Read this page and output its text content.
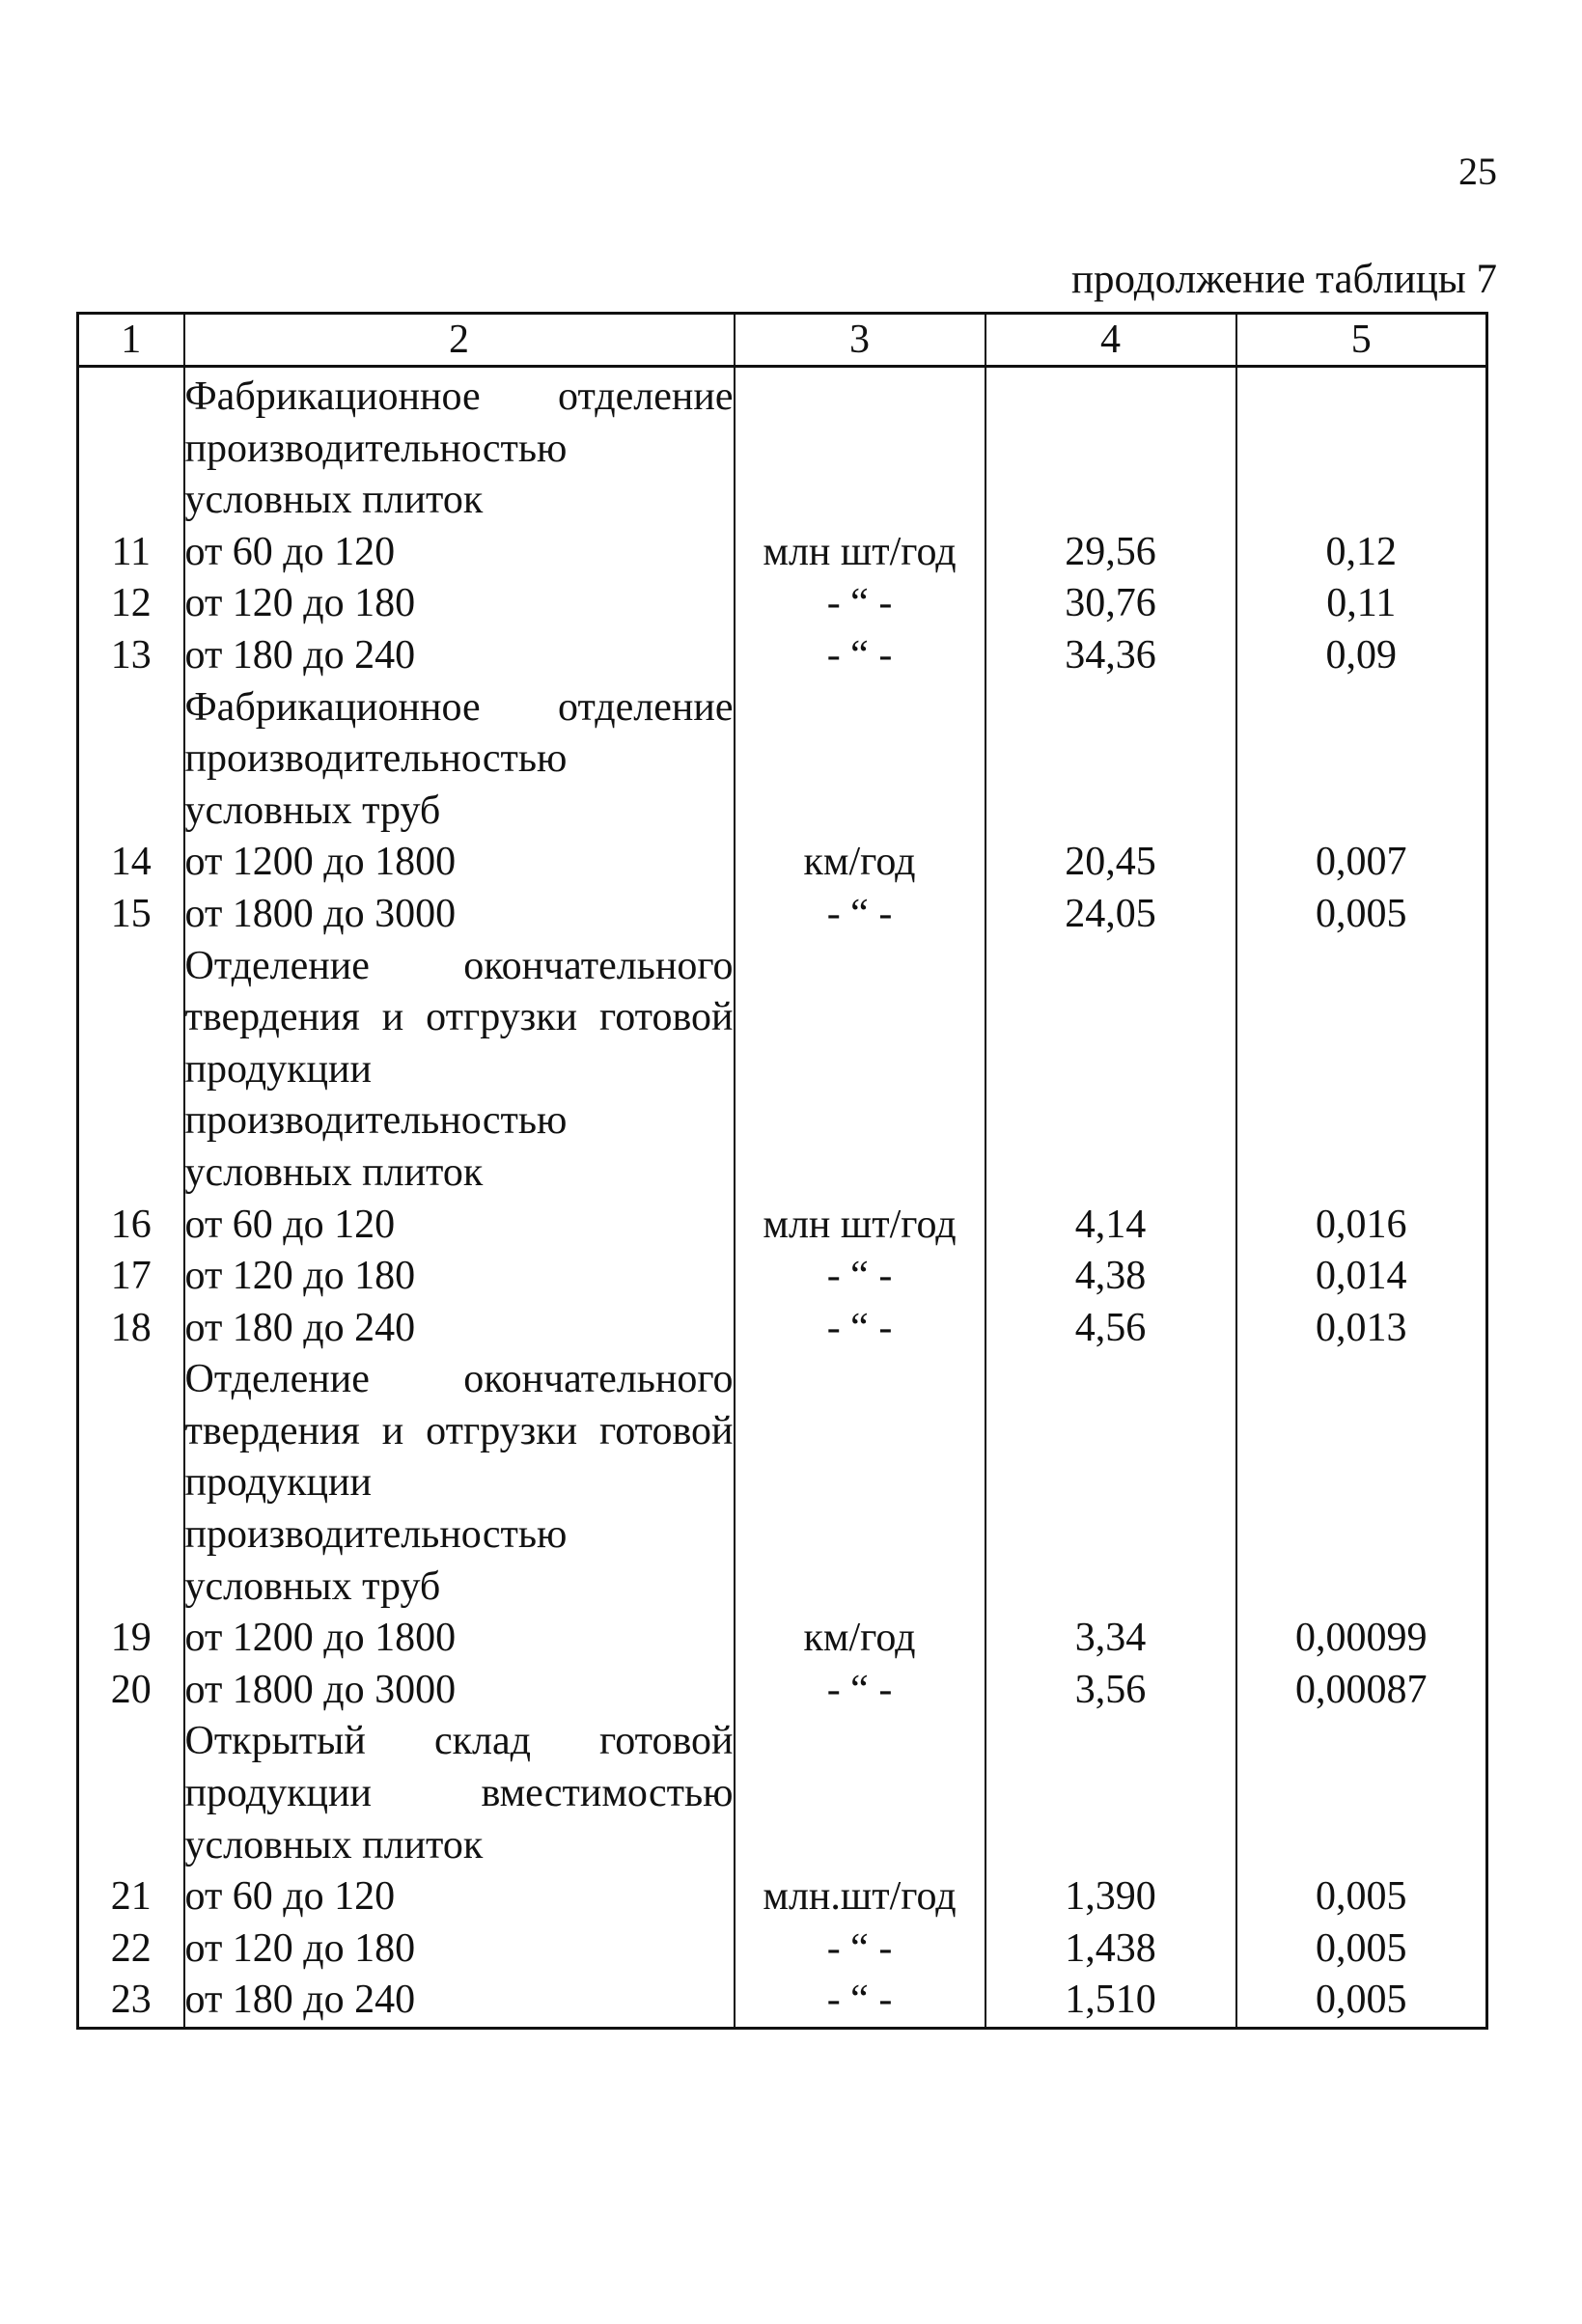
25
продолжение таблицы 7
1	2	3	4	5
	Фабрикационное отделение производительностью условных плиток			
11	от 60 до 120	млн шт/год	29,56	0,12
12	от 120 до 180	- “ -	30,76	0,11
13	от 180 до 240	- “ -	34,36	0,09
	Фабрикационное отделение производительностью условных труб			
14	от 1200 до 1800	км/год	20,45	0,007
15	от 1800 до 3000	- “ -	24,05	0,005
	Отделение окончательного твердения и отгрузки готовой продукции производительностью условных плиток			
16	от 60 до 120	млн шт/год	4,14	0,016
17	от 120 до 180	- “ -	4,38	0,014
18	от 180 до 240	- “ -	4,56	0,013
	Отделение окончательного твердения и отгрузки готовой продукции производительностью условных труб			
19	от 1200 до 1800	км/год	3,34	0,00099
20	от 1800 до 3000	- “ -	3,56	0,00087
	Открытый склад готовой продукции вместимостью условных плиток			
21	от 60 до 120	млн.шт/год	1,390	0,005
22	от 120 до 180	- “ -	1,438	0,005
23	от 180 до 240	- “ -	1,510	0,005
